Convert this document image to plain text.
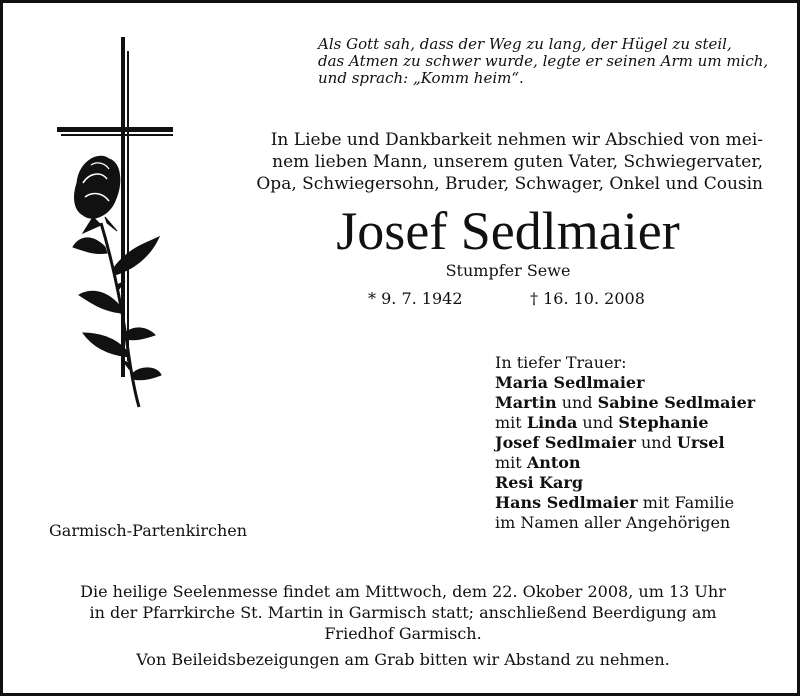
Als Gott sah, dass der Weg zu lang, der Hügel zu steil,
das Atmen zu schwer wurde, legte er seinen Arm um mich,
und sprach: „Komm heim“.
In Liebe und Dankbarkeit nehmen wir Abschied von mei-
nem lieben Mann, unserem guten Vater, Schwiegervater,
Opa, Schwiegersohn, Bruder, Schwager, Onkel und Cousin
Josef Sedlmaier
Stumpfer Sewe
* 9. 7. 1942	† 16. 10. 2008
In tiefer Trauer:
Maria Sedlmaier
Martin und Sabine Sedlmaier
mit Linda und Stephanie
Josef Sedlmaier und Ursel
mit Anton
Resi Karg
Hans Sedlmaier mit Familie
im Namen aller Angehörigen
Garmisch-Partenkirchen
Die heilige Seelenmesse findet am Mittwoch, dem 22. Okober 2008, um 13 Uhr
in der Pfarrkirche St. Martin in Garmisch statt; anschließend Beerdigung am
Friedhof Garmisch.
Von Beileidsbezeigungen am Grab bitten wir Abstand zu nehmen.
